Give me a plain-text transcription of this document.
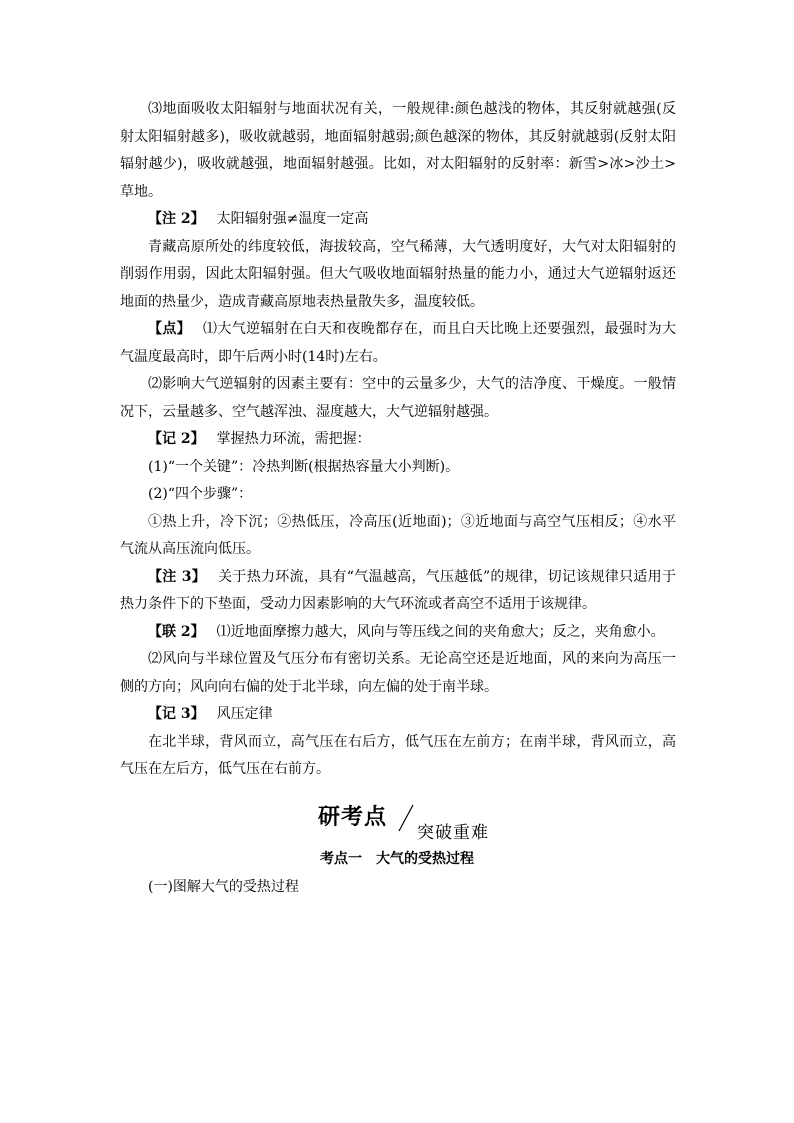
⑶地面吸收太阳辐射与地面状况有关，一般规律:颜色越浅的物体，其反射就越强(反射太阳辐射越多)，吸收就越弱，地面辐射越弱;颜色越深的物体，其反射就越弱(反射太阳辐射越少)，吸收就越强，地面辐射越强。比如，对太阳辐射的反射率：新雪>冰>沙土>草地。

【注 2】 太阳辐射强≠温度一定高

青藏高原所处的纬度较低，海拔较高，空气稀薄，大气透明度好，大气对太阳辐射的削弱作用弱，因此太阳辐射强。但大气吸收地面辐射热量的能力小，通过大气逆辐射返还地面的热量少，造成青藏高原地表热量散失多，温度较低。

【点】 ⑴大气逆辐射在白天和夜晚都存在，而且白天比晚上还要强烈，最强时为大气温度最高时，即午后两小时(14时)左右。

⑵影响大气逆辐射的因素主要有：空中的云量多少，大气的洁净度、干燥度。一般情况下，云量越多、空气越浑浊、湿度越大，大气逆辐射越强。

【记 2】 掌握热力环流，需把握：

(1)“一个关键”：冷热判断(根据热容量大小判断)。

(2)“四个步骤”：

①热上升，冷下沉；②热低压，冷高压(近地面)；③近地面与高空气压相反；④水平气流从高压流向低压。

【注 3】 关于热力环流，具有“气温越高，气压越低”的规律，切记该规律只适用于热力条件下的下垫面，受动力因素影响的大气环流或者高空不适用于该规律。

【联 2】 ⑴近地面摩擦力越大，风向与等压线之间的夹角愈大；反之，夹角愈小。

⑵风向与半球位置及气压分布有密切关系。无论高空还是近地面，风的来向为高压一侧的方向；风向向右偏的处于北半球，向左偏的处于南半球。

【记 3】 风压定律

在北半球，背风而立，高气压在右后方，低气压在左前方；在南半球，背风而立，高气压在左后方，低气压在右前方。

研考点
突破重难
考点一　大气的受热过程
(一)图解大气的受热过程
